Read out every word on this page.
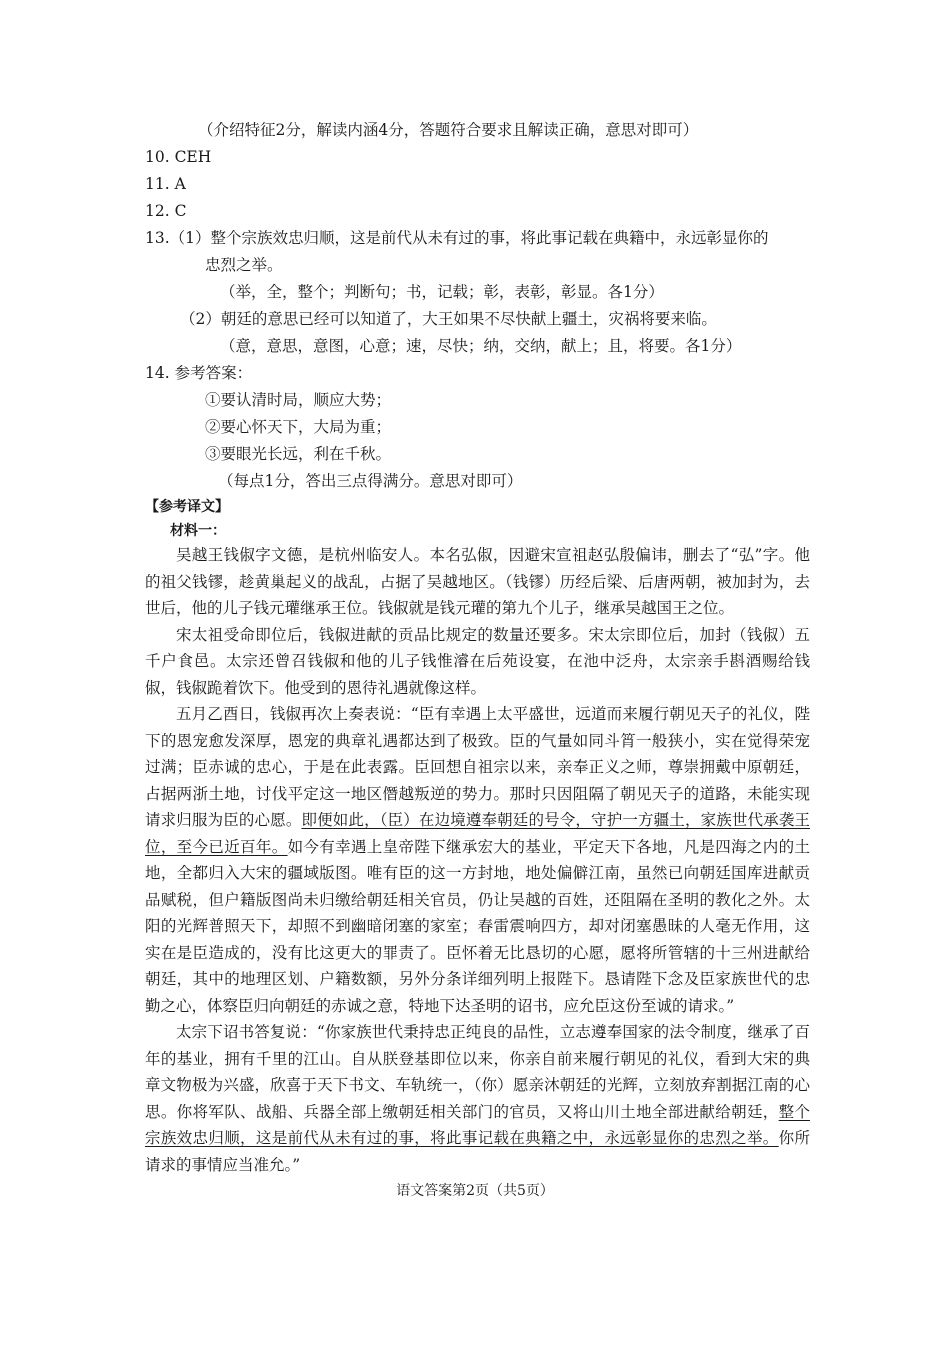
（介绍特征2分，解读内涵4分，答题符合要求且解读正确，意思对即可）
10. CEH
11. A
12. C
13.（1）整个宗族效忠归顺，这是前代从未有过的事，将此事记载在典籍中，永远彰显你的
忠烈之举。
（举，全，整个；判断句；书，记载；彰，表彰，彰显。各1分）
（2）朝廷的意思已经可以知道了，大王如果不尽快献上疆土，灾祸将要来临。
（意，意思，意图，心意；速，尽快；纳，交纳，献上；且，将要。各1分）
14. 参考答案：
①要认清时局，顺应大势；
②要心怀天下，大局为重；
③要眼光长远，利在千秋。
（每点1分，答出三点得满分。意思对即可）
【参考译文】
材料一：

吴越王钱俶字文德，是杭州临安人。本名弘俶，因避宋宣祖赵弘殷偏讳，删去了“弘”字。他的祖父钱镠，趁黄巢起义的战乱，占据了吴越地区。（钱镠）历经后梁、后唐两朝，被加封为，去世后，他的儿子钱元瓘继承王位。钱俶就是钱元瓘的第九个儿子，继承吴越国王之位。

宋太祖受命即位后，钱俶进献的贡品比规定的数量还要多。宋太宗即位后，加封（钱俶）五千户食邑。太宗还曾召钱俶和他的儿子钱惟濬在后苑设宴，在池中泛舟，太宗亲手斟酒赐给钱俶，钱俶跪着饮下。他受到的恩待礼遇就像这样。

五月乙酉日，钱俶再次上奏表说：“臣有幸遇上太平盛世，远道而来履行朝见天子的礼仪，陛下的恩宠愈发深厚，恩宠的典章礼遇都达到了极致。臣的气量如同斗筲一般狭小，实在觉得荣宠过满；臣赤诚的忠心，于是在此表露。臣回想自祖宗以来，亲奉正义之师，尊崇拥戴中原朝廷，占据两浙土地，讨伐平定这一地区僭越叛逆的势力。那时只因阻隔了朝见天子的道路，未能实现请求归服为臣的心愿。即便如此，（臣）在边境遵奉朝廷的号令，守护一方疆土，家族世代承袭王位，至今已近百年。如今有幸遇上皇帝陛下继承宏大的基业，平定天下各地，凡是四海之内的土地，全都归入大宋的疆域版图。唯有臣的这一方封地，地处偏僻江南，虽然已向朝廷国库进献贡品赋税，但户籍版图尚未归缴给朝廷相关官员，仍让吴越的百姓，还阻隔在圣明的教化之外。太阳的光辉普照天下，却照不到幽暗闭塞的家室；春雷震响四方，却对闭塞愚昧的人毫无作用，这实在是臣造成的，没有比这更大的罪责了。臣怀着无比恳切的心愿，愿将所管辖的十三州进献给朝廷，其中的地理区划、户籍数额，另外分条详细列明上报陛下。恳请陛下念及臣家族世代的忠勤之心，体察臣归向朝廷的赤诚之意，特地下达圣明的诏书，应允臣这份至诚的请求。”

太宗下诏书答复说：“你家族世代秉持忠正纯良的品性，立志遵奉国家的法令制度，继承了百年的基业，拥有千里的江山。自从朕登基即位以来，你亲自前来履行朝见的礼仪，看到大宋的典章文物极为兴盛，欣喜于天下书文、车轨统一，（你）愿亲沐朝廷的光辉，立刻放弃割据江南的心思。你将军队、战船、兵器全部上缴朝廷相关部门的官员，又将山川土地全部进献给朝廷，整个宗族效忠归顺，这是前代从未有过的事，将此事记载在典籍之中，永远彰显你的忠烈之举。你所请求的事情应当准允。”

语文答案第2页（共5页）
